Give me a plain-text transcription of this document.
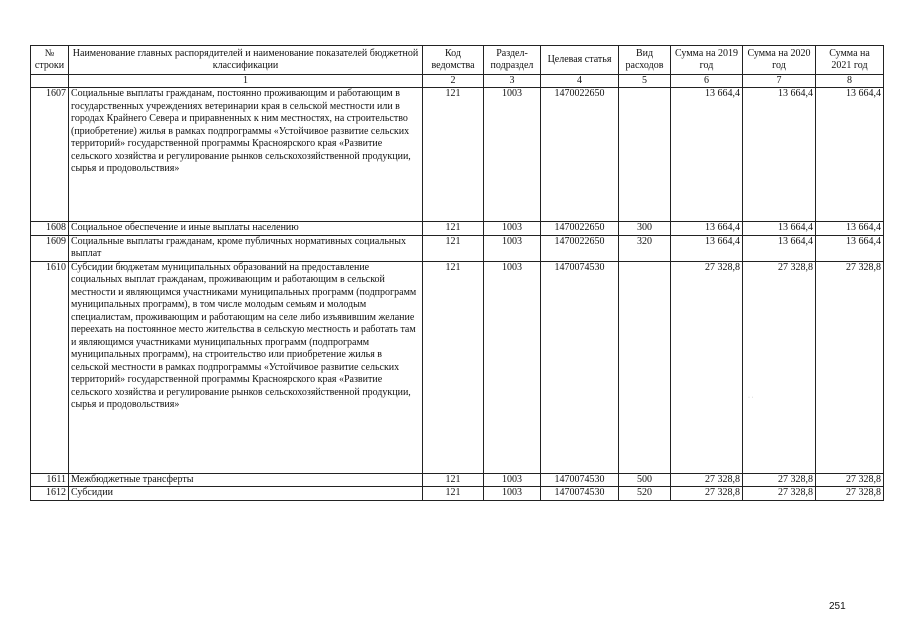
№ строки	Наименование главных распорядителей и наименование показателей бюджетной классификации	Код ведомства	Раздел-подраздел	Целевая статья	Вид расходов	Сумма на 2019 год	Сумма на 2020 год	Сумма на 2021 год
	1	2	3	4	5	6	7	8
1607	Социальные выплаты гражданам, постоянно проживающим и работающим в государственных учреждениях ветеринарии края в сельской местности или в городах Крайнего Севера и приравненных к ним местностях, на строительство (приобретение) жилья в рамках подпрограммы «Устойчивое развитие сельских территорий» государственной программы Красноярского края «Развитие сельского хозяйства и регулирование рынков сельскохозяйственной продукции, сырья и продовольствия»	121	1003	1470022650		13 664,4	13 664,4	13 664,4
1608	Социальное обеспечение и иные выплаты населению	121	1003	1470022650	300	13 664,4	13 664,4	13 664,4
1609	Социальные выплаты гражданам, кроме публичных нормативных социальных выплат	121	1003	1470022650	320	13 664,4	13 664,4	13 664,4
1610	Субсидии бюджетам муниципальных образований на предоставление социальных выплат гражданам, проживающим и работающим в сельской местности и являющимся участниками муниципальных программ (подпрограмм муниципальных программ), в том числе молодым семьям и молодым специалистам, проживающим и работающим на селе либо изъявившим желание переехать на постоянное место жительства в сельскую местность и работать там и являющимся участниками муниципальных программ (подпрограмм муниципальных программ), на строительство или приобретение жилья в сельской местности в рамках подпрограммы «Устойчивое развитие сельских территорий» государственной программы Красноярского края «Развитие сельского хозяйства и регулирование рынков сельскохозяйственной продукции, сырья и продовольствия»	121	1003	1470074530		27 328,8	27 328,8	27 328,8
1611	Межбюджетные трансферты	121	1003	1470074530	500	27 328,8	27 328,8	27 328,8
1612	Субсидии	121	1003	1470074530	520	27 328,8	27 328,8	27 328,8
· ·
251
